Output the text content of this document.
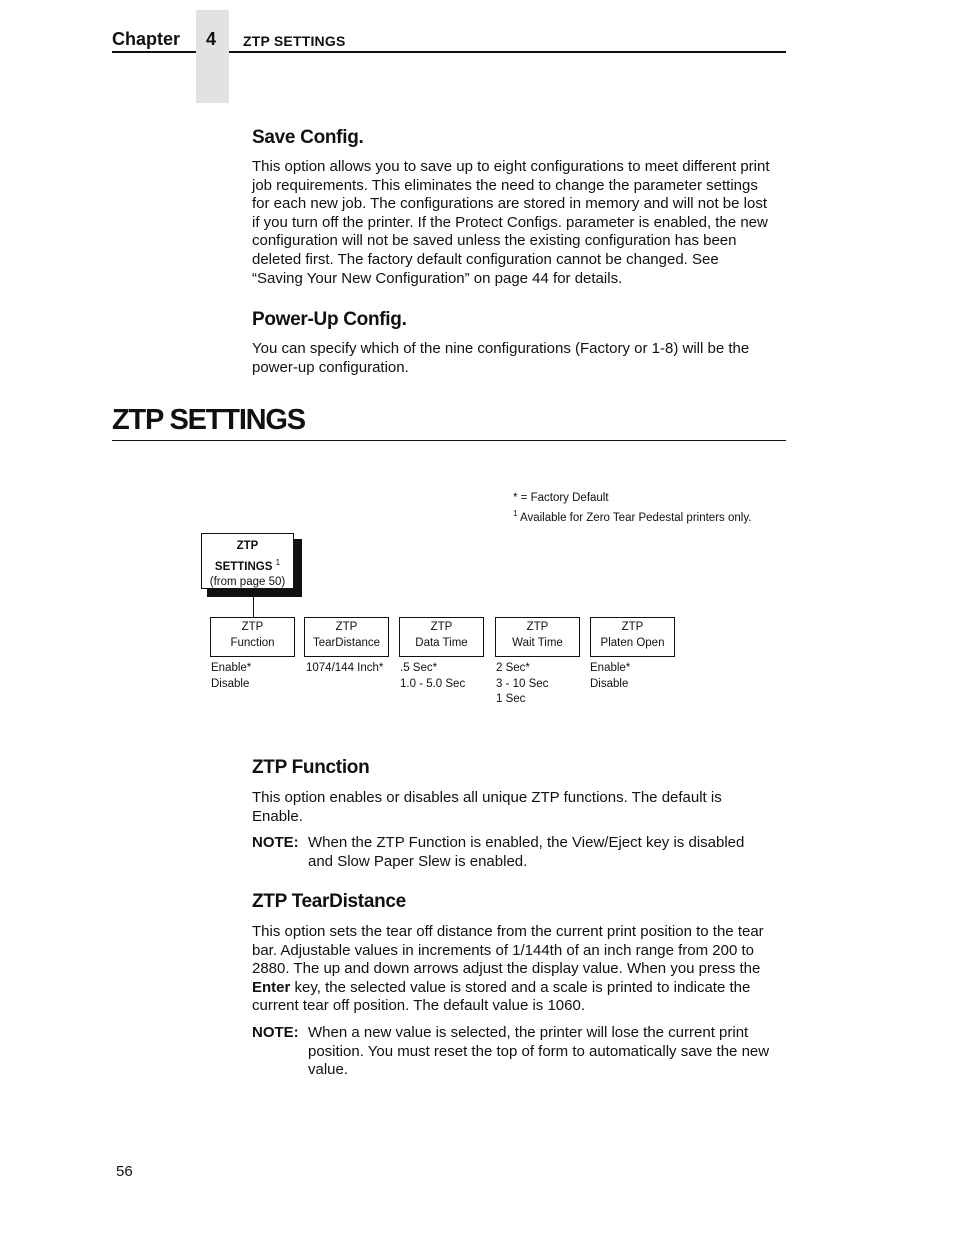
Chapter 4 ZTP SETTINGS
Save Config.

This option allows you to save up to eight configurations to meet different print
job requirements. This eliminates the need to change the parameter settings
for each new job. The configurations are stored in memory and will not be lost
if you turn off the printer. If the Protect Configs. parameter is enabled, the new
configuration will not be saved unless the existing configuration has been
deleted first. The factory default configuration cannot be changed. See
“Saving Your New Configuration” on page 44 for details.

Power-Up Config.

You can specify which of the nine configurations (Factory or 1-8) will be the
power-up configuration.

ZTP SETTINGS
* = Factory Default
$^1$ Available for Zero Tear Pedestal printers only.
ZTP
SETTINGS $^1$
(from page 50)
ZTP
Function
ZTP
TearDistance
ZTP
Data Time
ZTP
Wait Time
ZTP
Platen Open
Enable*
Disable
1074/144 Inch* .5 Sec*
1.0 - 5.0 Sec
2 Sec*
3 - 10 Sec
1 Sec
Enable*
Disable
ZTP Function

This option enables or disables all unique ZTP functions. The default is
Enable.

NOTE: When the ZTP Function is enabled, the View/Eject key is disabled
and Slow Paper Slew is enabled.

ZTP TearDistance

This option sets the tear off distance from the current print position to the tear
bar. Adjustable values in increments of 1/144th of an inch range from 200 to
2880. The up and down arrows adjust the display value. When you press the
Enter key, the selected value is stored and a scale is printed to indicate the
current tear off position. The default value is 1060.

NOTE: When a new value is selected, the printer will lose the current print
position. You must reset the top of form to automatically save the new
value.

56
